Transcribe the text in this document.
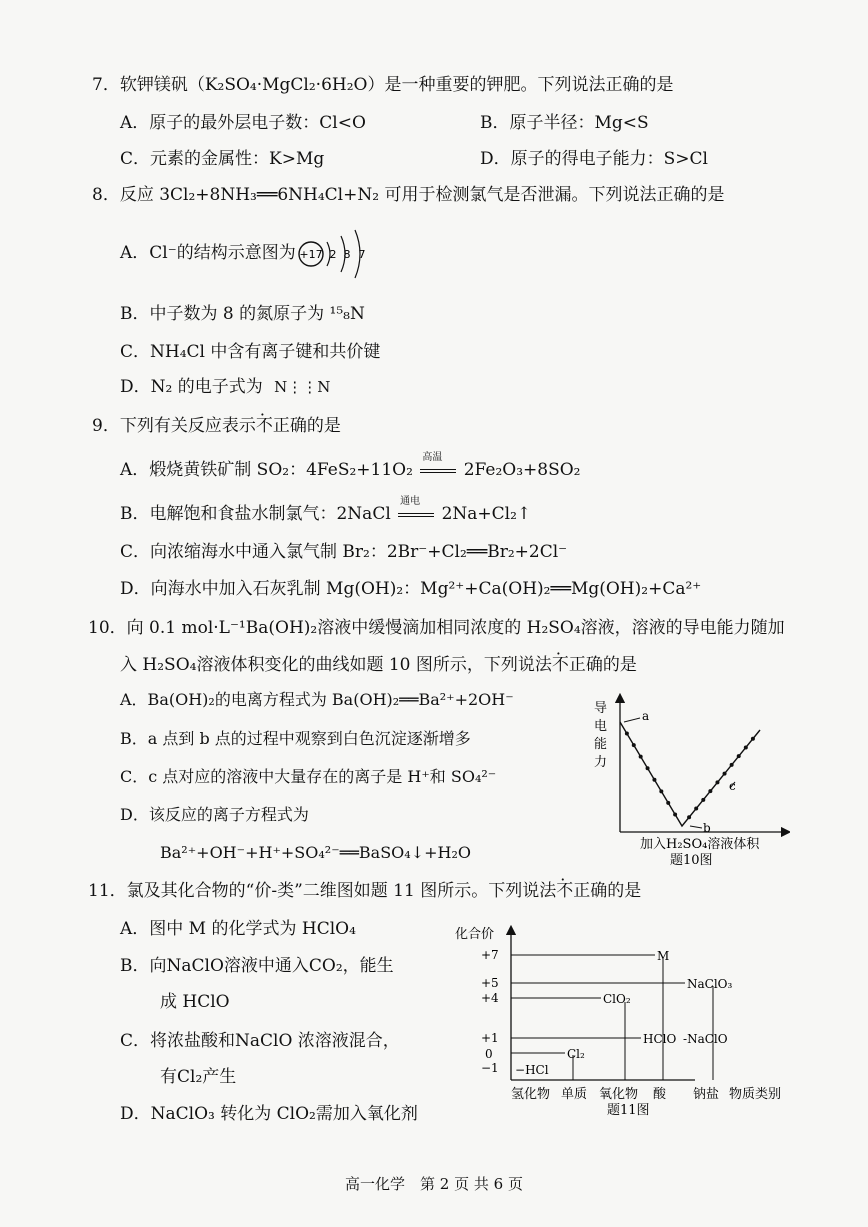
7．软钾镁矾（K₂SO₄·MgCl₂·6H₂O）是一种重要的钾肥。下列说法正确的是
A．原子的最外层电子数：Cl<O	B．原子半径：Mg<S
C．元素的金属性：K>Mg	D．原子的得电子能力：S>Cl
8．反应 3Cl₂+8NH₃══6NH₄Cl+N₂ 可用于检测氯气是否泄漏。下列说法正确的是
A．Cl⁻的结构示意图为 +17 2 8 7
B．中子数为 8 的氮原子为 ¹⁵₈N
C．NH₄Cl 中含有离子键和共价键
D．N₂ 的电子式为 N⋮⋮N
9．下列有关反应表示不正确的是
A．煅烧黄铁矿制 SO₂：4FeS₂+11O₂
高温
2Fe₂O₃+8SO₂
B．电解饱和食盐水制氯气：2NaCl
通电
2Na+Cl₂↑
C．向浓缩海水中通入氯气制 Br₂：2Br⁻+Cl₂══Br₂+2Cl⁻
D．向海水中加入石灰乳制 Mg(OH)₂：Mg²⁺+Ca(OH)₂══Mg(OH)₂+Ca²⁺
10．向 0.1 mol·L⁻¹Ba(OH)₂溶液中缓慢滴加相同浓度的 H₂SO₄溶液，溶液的导电能力随加
入 H₂SO₄溶液体积变化的曲线如题 10 图所示，下列说法不正确的是
A．Ba(OH)₂的电离方程式为 Ba(OH)₂══Ba²⁺+2OH⁻
B．a 点到 b 点的过程中观察到白色沉淀逐渐增多
C．c 点对应的溶液中大量存在的离子是 H⁺和 SO₄²⁻
D．该反应的离子方程式为
Ba²⁺+OH⁻+H⁺+SO₄²⁻══BaSO₄↓+H₂O
导
电
能
力
a
b
c
加入H₂SO₄溶液体积
题10图
11．氯及其化合物的“价-类”二维图如题 11 图所示。下列说法不正确的是
A．图中 M 的化学式为 HClO₄
B．向NaClO溶液中通入CO₂，能生
成 HClO
C．将浓盐酸和NaClO 浓溶液混合，
有Cl₂产生
D．NaClO₃ 转化为 ClO₂需加入氧化剂
化合价
+7
+5
+4
+1
0
−1
M
NaClO₃
ClO₂
HClO -NaClO
Cl₂
−HCl
氢化物 单质 氧化物 酸 钠盐 物质类别
题11图
高一化学　第 2 页 共 6 页
